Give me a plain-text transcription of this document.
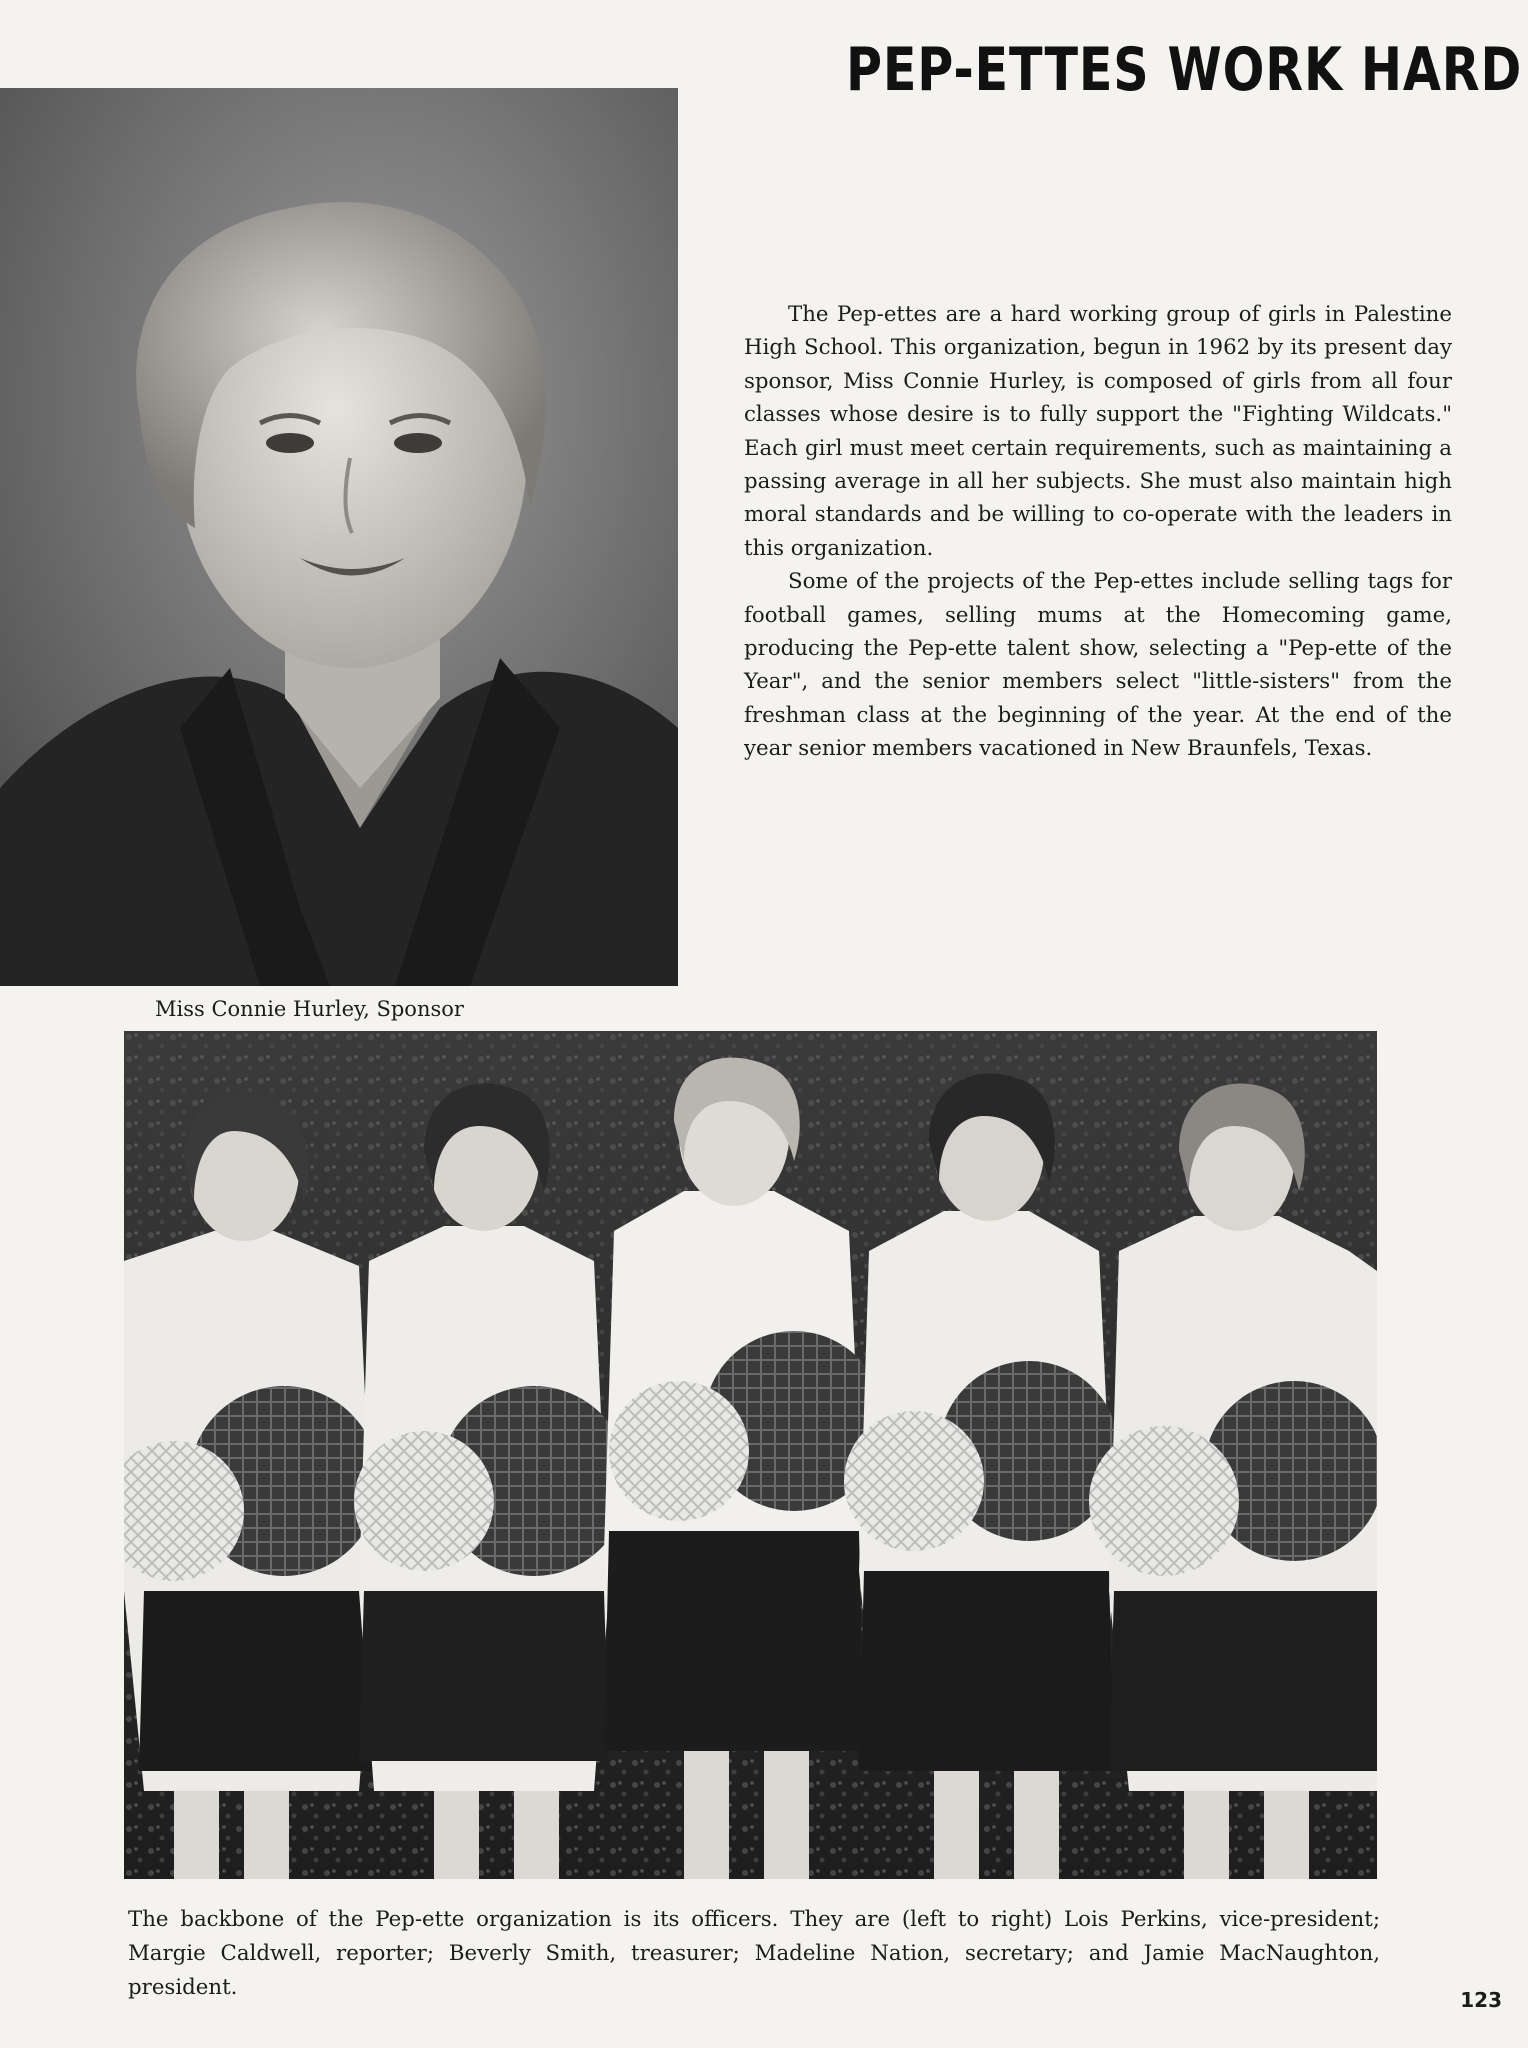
PEP-ETTES WORK HARD
Miss Connie Hurley, Sponsor

The Pep-ettes are a hard working group of girls in Palestine High School. This organization, begun in 1962 by its present day sponsor, Miss Connie Hurley, is composed of girls from all four classes whose desire is to fully support the "Fighting Wildcats." Each girl must meet certain requirements, such as maintaining a passing average in all her subjects. She must also maintain high moral standards and be willing to co-operate with the leaders in this organization.

Some of the projects of the Pep-ettes include selling tags for football games, selling mums at the Homecoming game, producing the Pep-ette talent show, selecting a "Pep-ette of the Year", and the senior members select "little-sisters" from the freshman class at the beginning of the year. At the end of the year senior members vacationed in New Braunfels, Texas.

The backbone of the Pep-ette organization is its officers. They are (left to right) Lois Perkins, vice-president; Margie Caldwell, reporter; Beverly Smith, treasurer; Madeline Nation, secretary; and Jamie MacNaughton, president.	123
